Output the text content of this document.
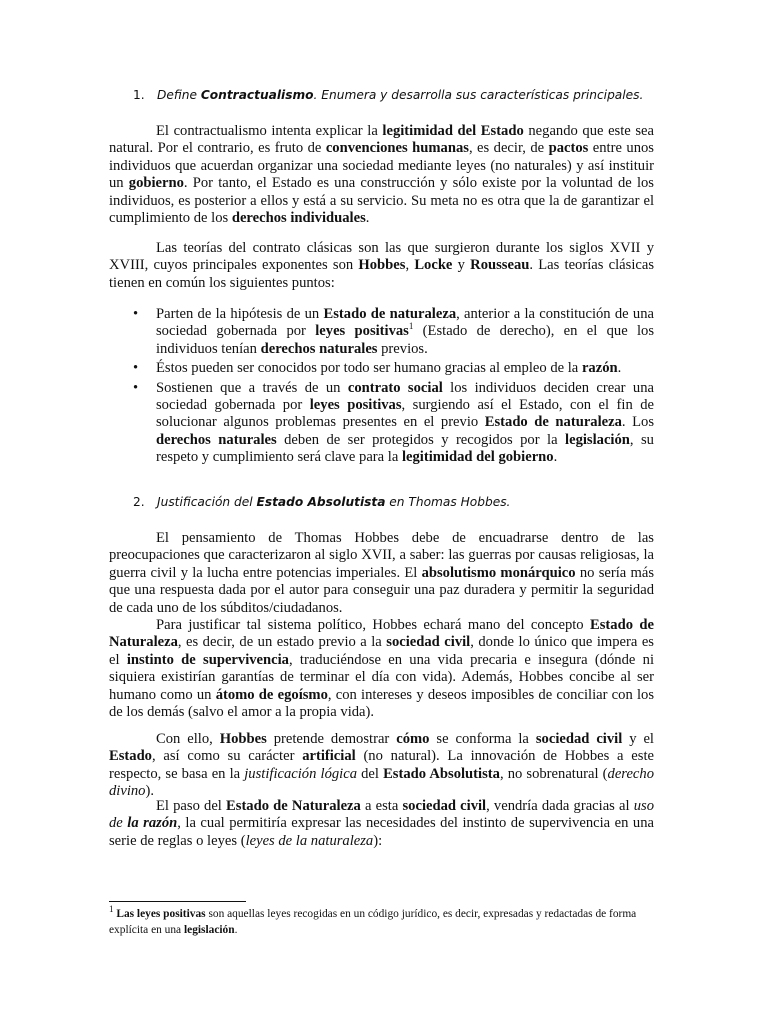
1. Define Contractualismo. Enumera y desarrolla sus características principales.

El contractualismo intenta explicar la legitimidad del Estado negando que este sea natural. Por el contrario, es fruto de convenciones humanas, es decir, de pactos entre unos individuos que acuerdan organizar una sociedad mediante leyes (no naturales) y así instituir un gobierno. Por tanto, el Estado es una construcción y sólo existe por la voluntad de los individuos, es posterior a ellos y está a su servicio. Su meta no es otra que la de garantizar el cumplimiento de los derechos individuales.

Las teorías del contrato clásicas son las que surgieron durante los siglos XVII y XVIII, cuyos principales exponentes son Hobbes, Locke y Rousseau. Las teorías clásicas tienen en común los siguientes puntos:

• Parten de la hipótesis de un Estado de naturaleza, anterior a la constitución de una sociedad gobernada por leyes positivas$^1$ (Estado de derecho), en el que los individuos tenían derechos naturales previos.
• Éstos pueden ser conocidos por todo ser humano gracias al empleo de la razón.
• Sostienen que a través de un contrato social los individuos deciden crear una sociedad gobernada por leyes positivas, surgiendo así el Estado, con el fin de solucionar algunos problemas presentes en el previo Estado de naturaleza. Los derechos naturales deben de ser protegidos y recogidos por la legislación, su respeto y cumplimiento será clave para la legitimidad del gobierno.
2. Justificación del Estado Absolutista en Thomas Hobbes.

El pensamiento de Thomas Hobbes debe de encuadrarse dentro de las preocupaciones que caracterizaron al siglo XVII, a saber: las guerras por causas religiosas, la guerra civil y la lucha entre potencias imperiales. El absolutismo monárquico no sería más que una respuesta dada por el autor para conseguir una paz duradera y permitir la seguridad de cada uno de los súbditos/ciudadanos.

Para justificar tal sistema político, Hobbes echará mano del concepto Estado de Naturaleza, es decir, de un estado previo a la sociedad civil, donde lo único que impera es el instinto de supervivencia, traduciéndose en una vida precaria e insegura (dónde ni siquiera existirían garantías de terminar el día con vida). Además, Hobbes concibe al ser humano como un átomo de egoísmo, con intereses y deseos imposibles de conciliar con los de los demás (salvo el amor a la propia vida).

Con ello, Hobbes pretende demostrar cómo se conforma la sociedad civil y el Estado, así como su carácter artificial (no natural). La innovación de Hobbes a este respecto, se basa en la justificación lógica del Estado Absolutista, no sobrenatural (derecho divino).

El paso del Estado de Naturaleza a esta sociedad civil, vendría dada gracias al uso de la razón, la cual permitiría expresar las necesidades del instinto de supervivencia en una serie de reglas o leyes (leyes de la naturaleza):

$^1$ Las leyes positivas son aquellas leyes recogidas en un código jurídico, es decir, expresadas y redactadas de forma explícita en una legislación.
